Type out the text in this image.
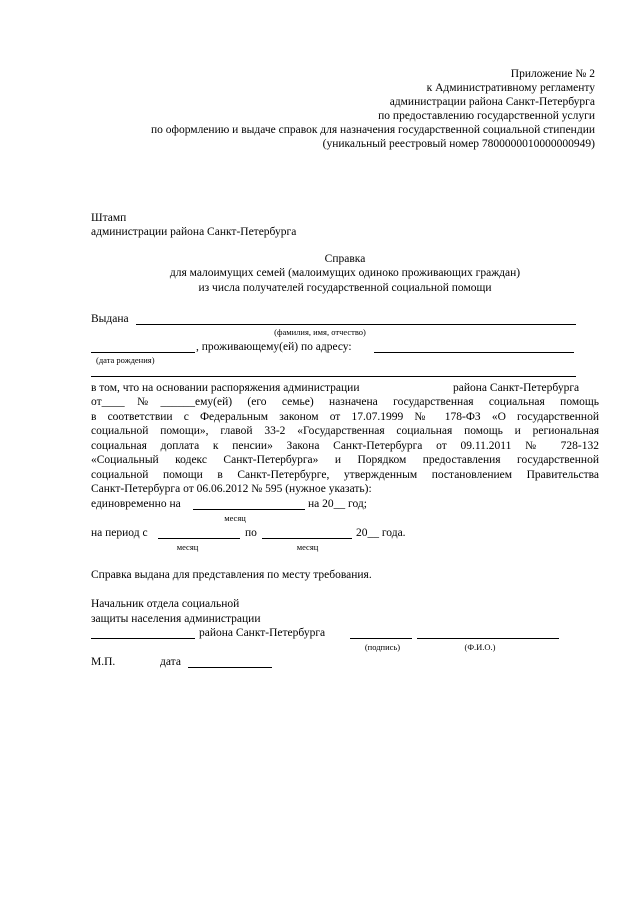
Приложение № 2
к Административному регламенту
администрации района Санкт-Петербурга
по предоставлению государственной услуги
по оформлению и выдаче справок для назначения государственной социальной стипендии
(уникальный реестровый номер 7800000010000000949)
Штамп
администрации района Санкт-Петербурга
Справка
для малоимущих семей (малоимущих одиноко проживающих граждан)
из числа получателей государственной социальной помощи
Выдана
(фамилия, имя, отчество)
, проживающему(ей) по адресу:
(дата рождения)
в том, что на основании распоряжения администрации	района Санкт-Петербурга
от____№______ему(ей) (его семье) назначена государственная социальная помощь
в соответствии с Федеральным законом от 17.07.1999 № 178-ФЗ «О государственной
социальной помощи», главой 33-2 «Государственная социальная помощь и региональная
социальная доплата к пенсии» Закона Санкт-Петербурга от 09.11.2011 № 728-132
«Социальный кодекс Санкт-Петербурга» и Порядком предоставления государственной
социальной помощи в Санкт-Петербурге, утвержденным постановлением Правительства
Санкт-Петербурга от 06.06.2012 № 595 (нужное указать):
единовременно на	на 20__ год;
месяц
на период с	по	20__ года.
месяц	месяц
Справка выдана для представления по месту требования.
Начальник отдела социальной
защиты населения администрации
района Санкт-Петербурга
(подпись)	(Ф.И.О.)
М.П.	дата
